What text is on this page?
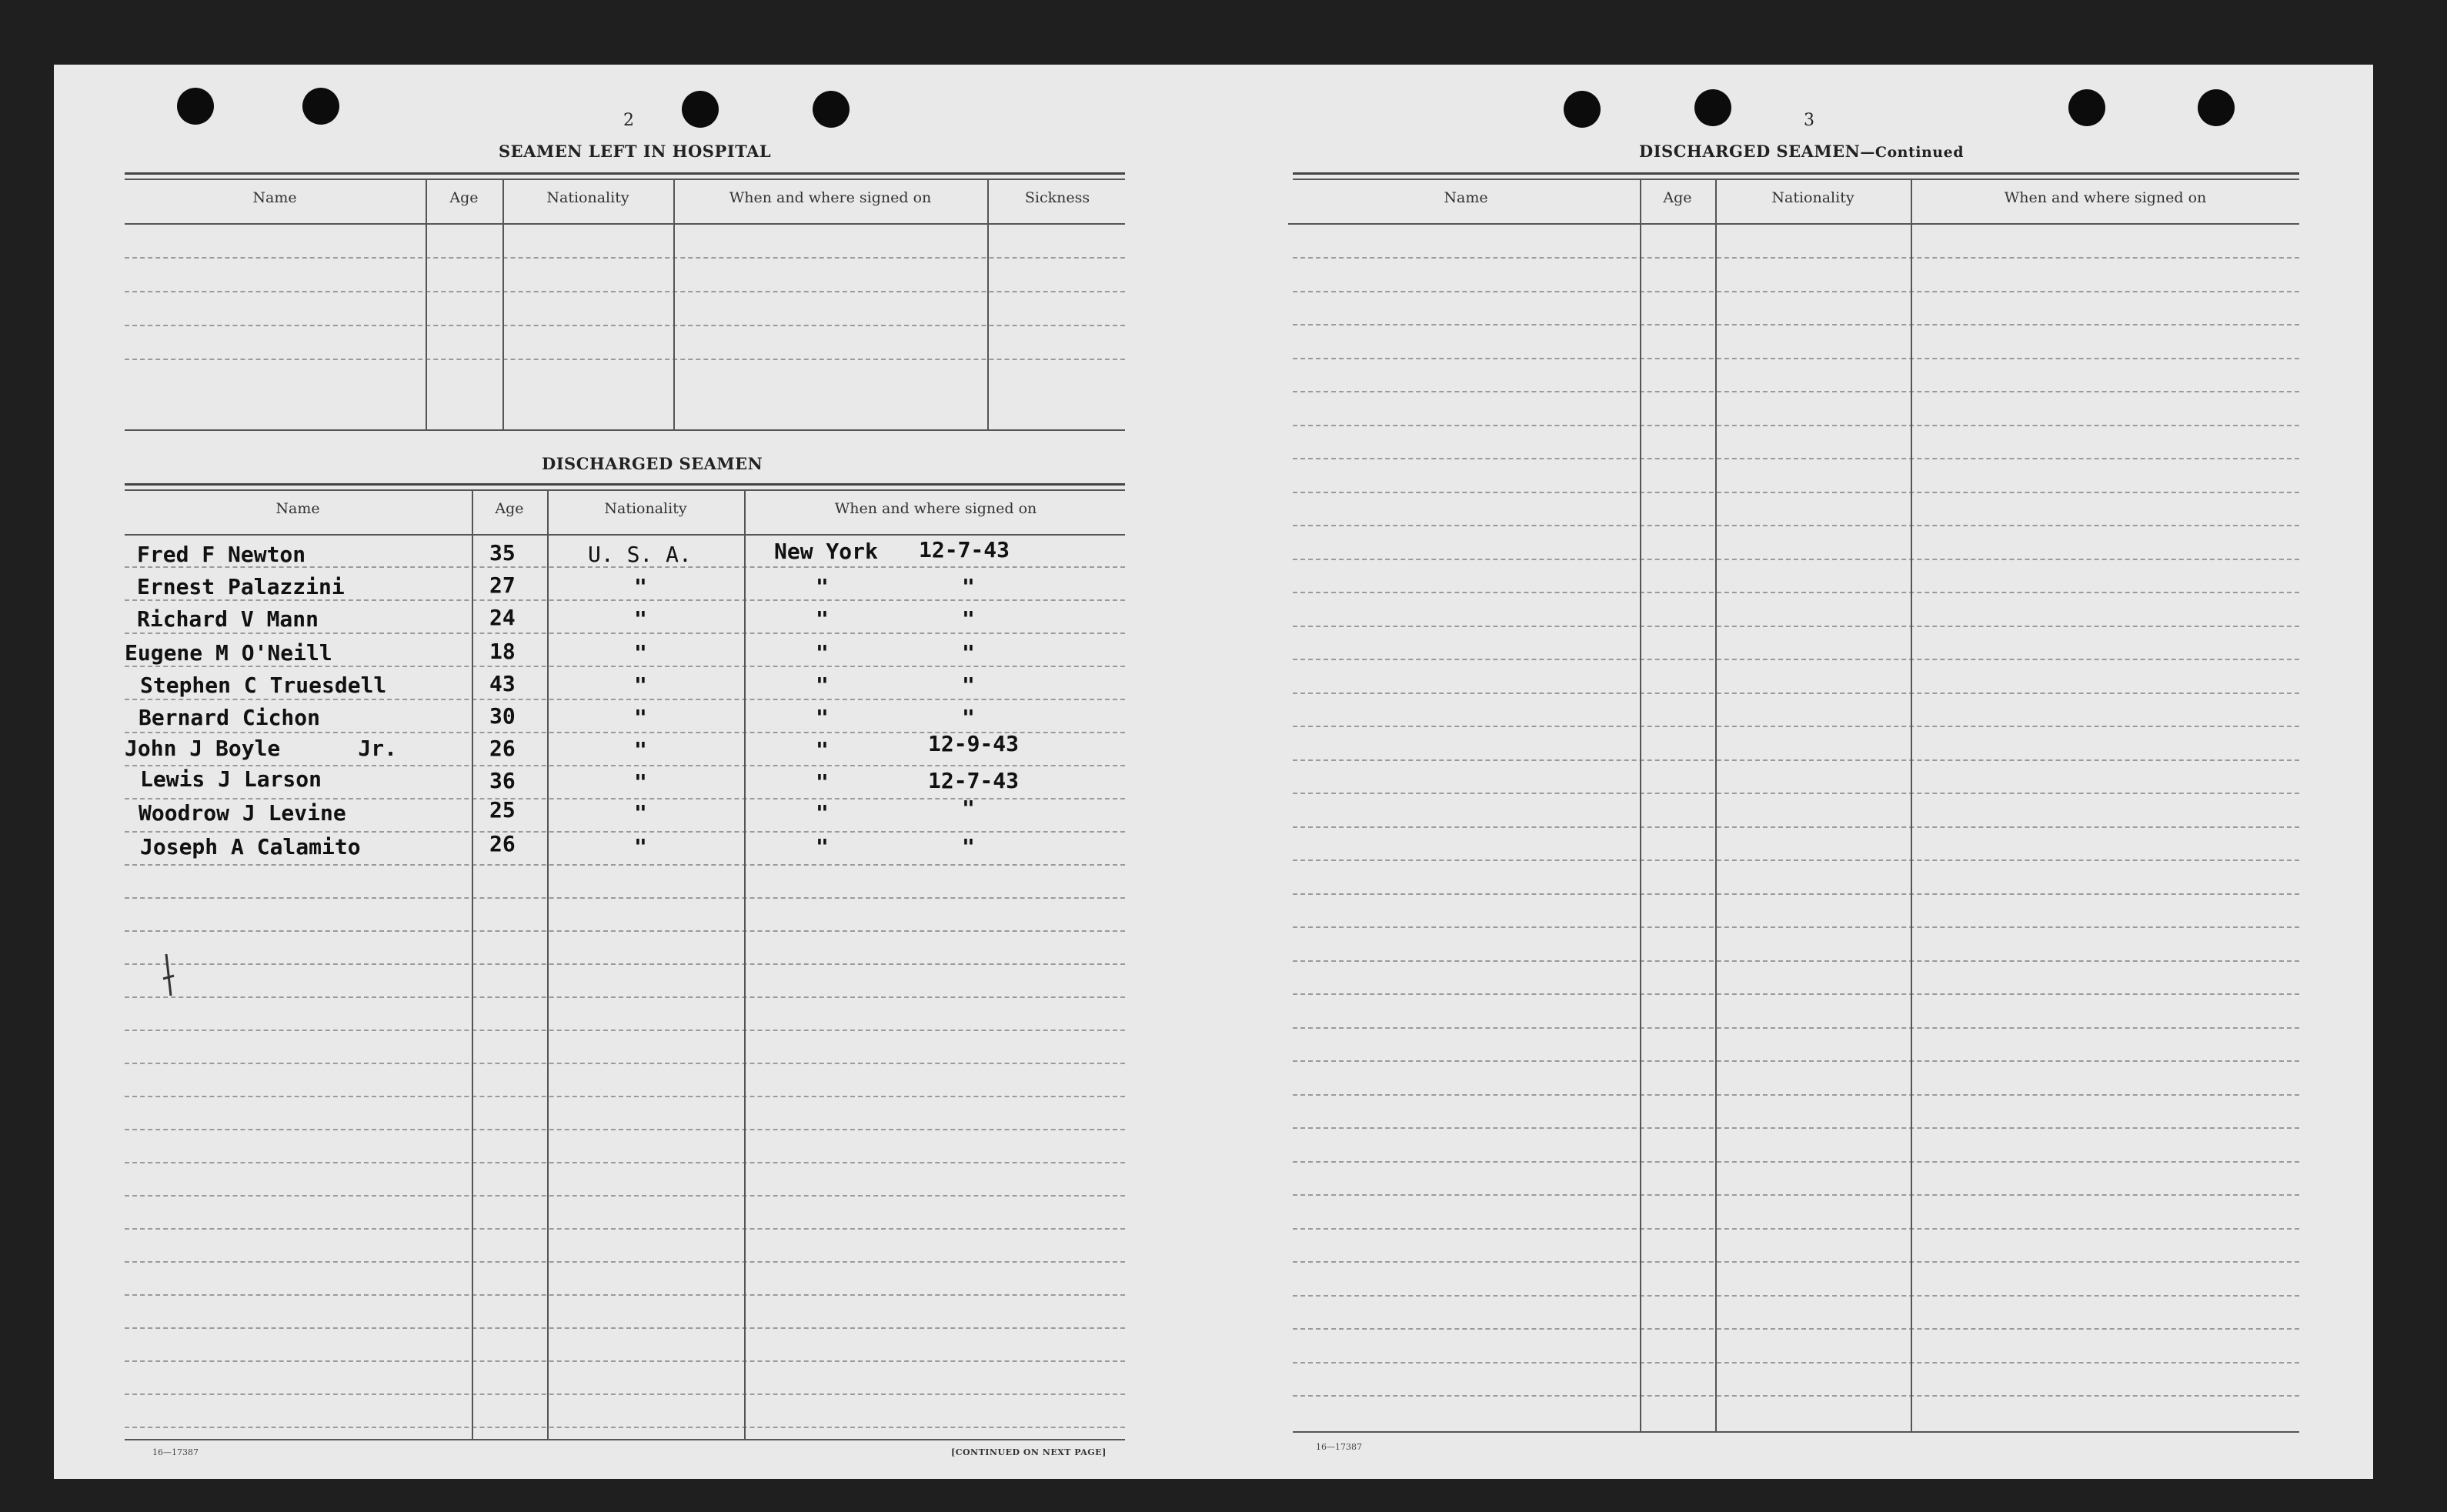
2
SEAMEN LEFT IN HOSPITAL
Name	Age	Nationality	When and where signed on	Sickness
DISCHARGED SEAMEN
Name	Age	Nationality	When and where signed on
Fred F Newton	35	U. S. A.	New York 12-7-43
Ernest Palazzini	27	"	"	"
Richard V Mann	24	"	"	"
Eugene M O'Neill	18	"	"	"
Stephen C Truesdell	43	"	"	"
Bernard Cichon	30	"	"	"
John J Boyle      Jr.	26	"	"	12-9-43
Lewis J Larson	36	"	"	12-7-43
Woodrow J Levine	25	"	"	"
Joseph A Calamito	26	"	"	"
16—17387	[CONTINUED ON NEXT PAGE]
3
DISCHARGED SEAMEN—Continued
Name	Age	Nationality	When and where signed on
16—17387
